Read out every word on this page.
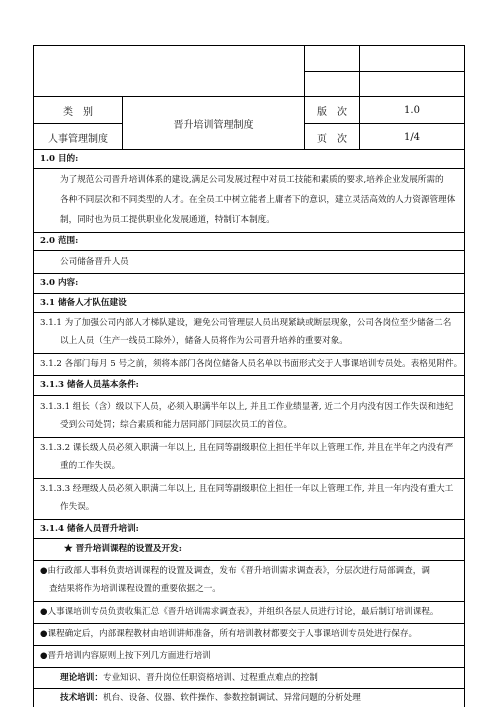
类　别
人事管理制度
晋升培训管理制度
版　次	1.0
页　次	1/4
1.0 目的:
为了规范公司晋升培训体系的建设,满足公司发展过程中对员工技能和素质的要求,培养企业发展所需的
各种不同层次和不同类型的人才。在全员工中树立能者上庸者下的意识，建立灵活高效的人力资源管理体
制，同时也为员工提供职业化发展通道，特制订本制度。
2.0 范围:
公司储备晋升人员
3.0 内容:
3.1 储备人才队伍建设
3.1.1 为了加强公司内部人才梯队建设，避免公司管理层人员出现紧缺或断层现象，公司各岗位至少储备二名
以上人员（生产一线员工除外），储备人员将作为公司晋升培养的重要对象。
3.1.2 各部门每月 5 号之前，须将本部门各岗位储备人员名单以书面形式交于人事课培训专员处。表格见附件。
3.1.3 储备人员基本条件:
3.1.3.1 组长（含）级以下人员，必须入职满半年以上, 并且工作业绩显著, 近二个月内没有因工作失误和违纪
受到公司处罚；综合素质和能力居同部门同层次员工的首位。
3.1.3.2 课长级人员必须入职满一年以上, 且在同等副级职位上担任半年以上管理工作, 并且在半年之内没有严
重的工作失误。
3.1.3.3 经理级人员必须入职满二年以上, 且在同等副级职位上担任一年以上管理工作, 并且一年内没有重大工
作失误。
3.1.4 储备人员晋升培训:
★ 晋升培训课程的设置及开发:
●由行政部人事科负责培训课程的设置及调查，发布《晋升培训需求调查表》，分层次进行局部调查，调
查结果将作为培训课程设置的重要依据之一。
●人事课培训专员负责收集汇总《晋升培训需求调查表》，并组织各层人员进行讨论，最后制订培训课程。
●课程确定后，内部课程教材由培训讲师准备，所有培训教材都要交于人事课培训专员处进行保存。
●晋升培训内容原则上按下列几方面进行培训
理论培训：专业知识、晋升岗位任职资格培训、过程重点难点的控制
技术培训：机台、设备、仪器、软件操作、参数控制调试、异常问题的分析处理
